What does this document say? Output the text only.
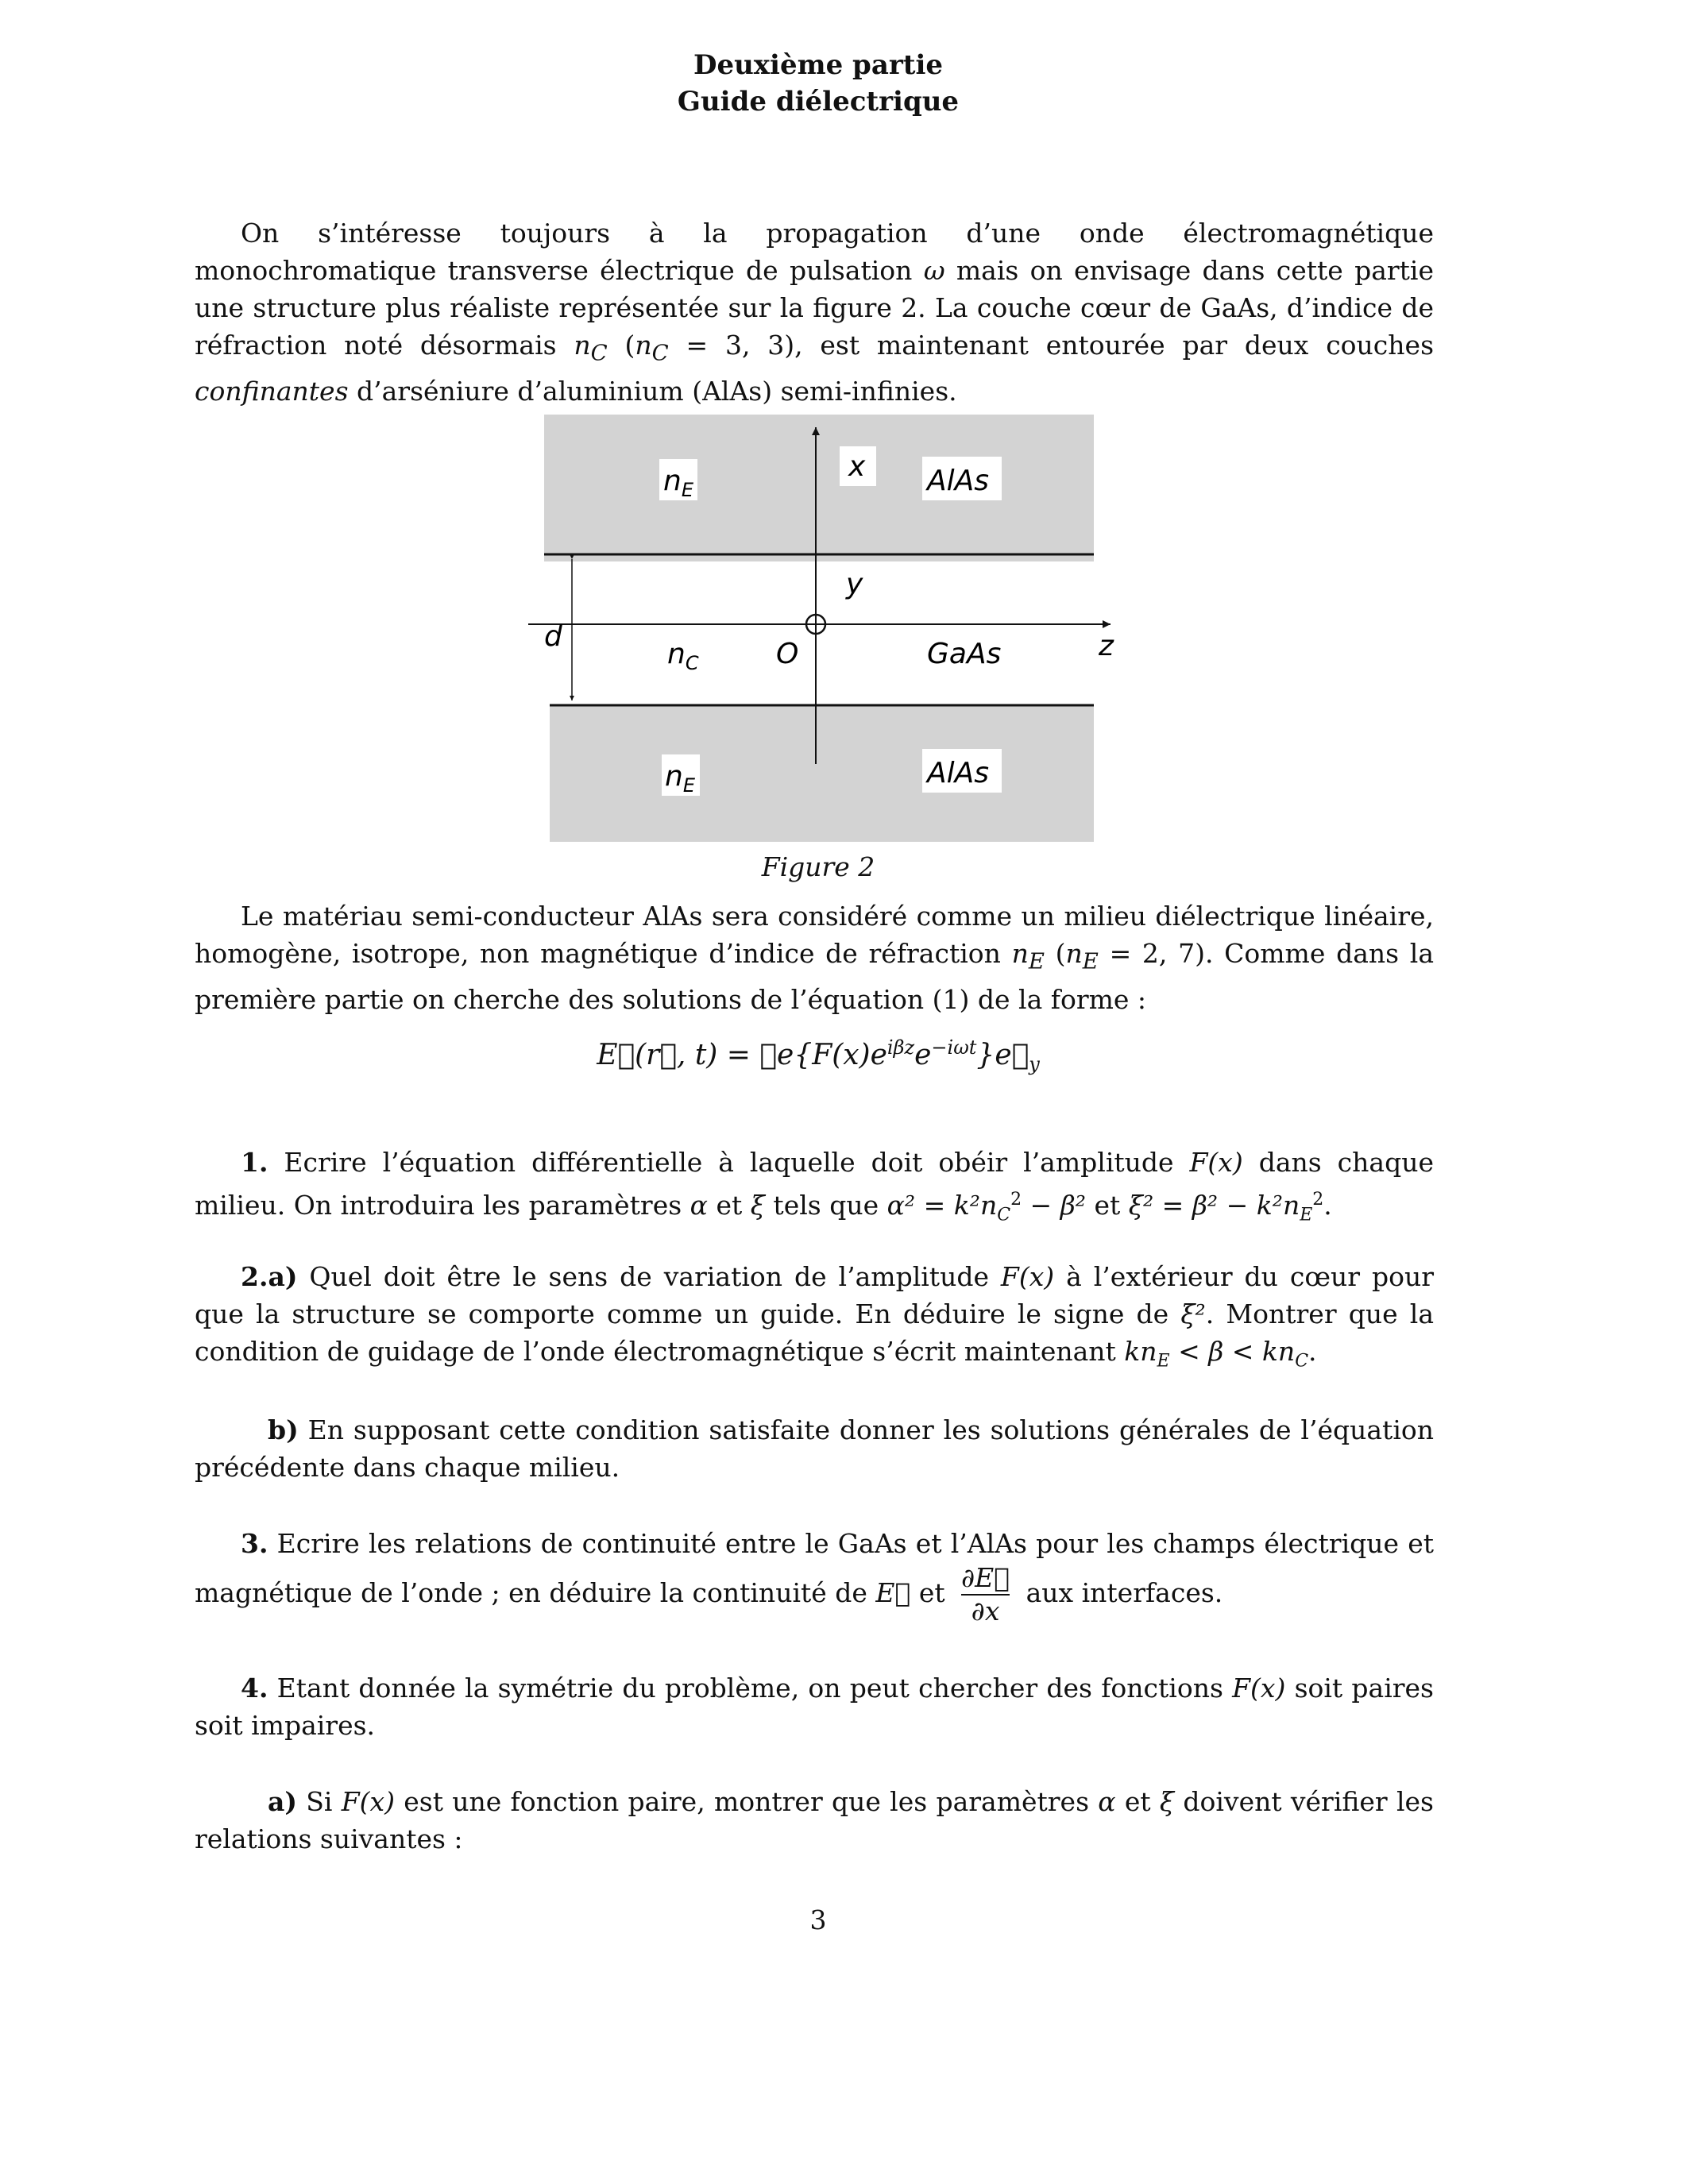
Deuxième partie
Guide diélectrique
On s’intéresse toujours à la propagation d’une onde électromagnétique monochromatique transverse électrique de pulsation ω mais on envisage dans cette partie une structure plus réaliste représentée sur la figure 2. La couche cœur de GaAs, d’indice de réfraction noté désormais $n_C$ ($n_C = 3$, 3), est maintenant entourée par deux couches confinantes d’arséniure d’aluminium (AlAs) semi-infinies.
$n_E$
x AlAs
y
d
$n_C$	O	GaAs	z
$n_E$	AlAs
Figure 2
Le matériau semi-conducteur AlAs sera considéré comme un milieu diélectrique linéaire, homogène, isotrope, non magnétique d’indice de réfraction $n_E$ ($n_E = 2$, 7). Comme dans la première partie on cherche des solutions de l’équation (1) de la forme :
E⃗(r⃗, $t) = 𝓡e\{F(x)e^{i\beta z}e^{-i\omega t}\}e⃗_y$
1. Ecrire l’équation différentielle à laquelle doit obéir l’amplitude F(x) dans chaque milieu. On introduira les paramètres α et ξ tels que $\alpha^2 = k^2n_C^2 - \beta^2$ et $\xi^2 = \beta^2 - k^2n_E^2$.
2.a) Quel doit être le sens de variation de l’amplitude F(x) à l’extérieur du cœur pour que la structure se comporte comme un guide. En déduire le signe de ξ². Montrer que la condition de guidage de l’onde électromagnétique s’écrit maintenant $kn_E < \beta < kn_C$.
b) En supposant cette condition satisfaite donner les solutions générales de l’équation précédente dans chaque milieu.
3. Ecrire les relations de continuité entre le GaAs et l’AlAs pour les champs électrique et magnétique de l’onde ; en déduire la continuité de E⃗ et $\frac{\partial E⃗}{\partial x}$ aux interfaces.
4. Etant donnée la symétrie du problème, on peut chercher des fonctions F(x) soit paires soit impaires.
a) Si F(x) est une fonction paire, montrer que les paramètres α et ξ doivent vérifier les relations suivantes :
3
